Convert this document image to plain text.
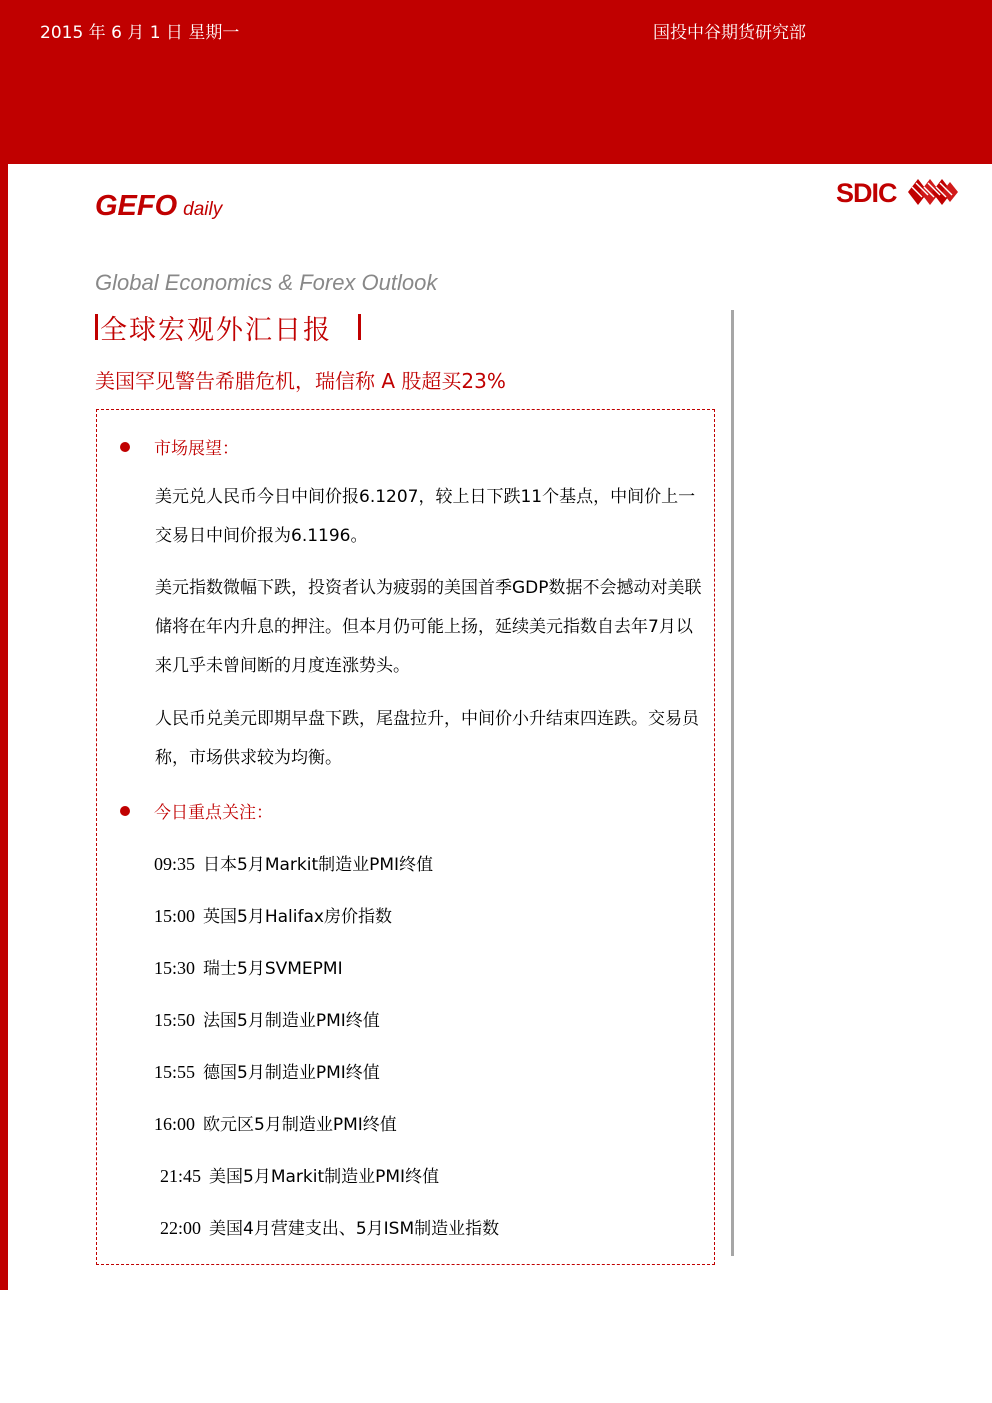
2015 年 6 月 1 日 星期一	国投中谷期货研究部
GEFO daily
SDIC
Global Economics & Forex Outlook
全球宏观外汇日报
美国罕见警告希腊危机，瑞信称 A 股超买23%
市场展望：

美元兑人民币今日中间价报6.1207，较上日下跌11个基点，中间价上一交易日中间价报为6.1196。

美元指数微幅下跌，投资者认为疲弱的美国首季GDP数据不会撼动对美联储将在年内升息的押注。但本月仍可能上扬，延续美元指数自去年7月以来几乎未曾间断的月度连涨势头。

人民币兑美元即期早盘下跌，尾盘拉升，中间价小升结束四连跌。交易员称，市场供求较为均衡。

今日重点关注：
09:35 日本5月Markit制造业PMI终值
15:00 英国5月Halifax房价指数
15:30 瑞士5月SVMEPMI
15:50 法国5月制造业PMI终值
15:55 德国5月制造业PMI终值
16:00 欧元区5月制造业PMI终值
21:45 美国5月Markit制造业PMI终值
22:00 美国4月营建支出、5月ISM制造业指数
